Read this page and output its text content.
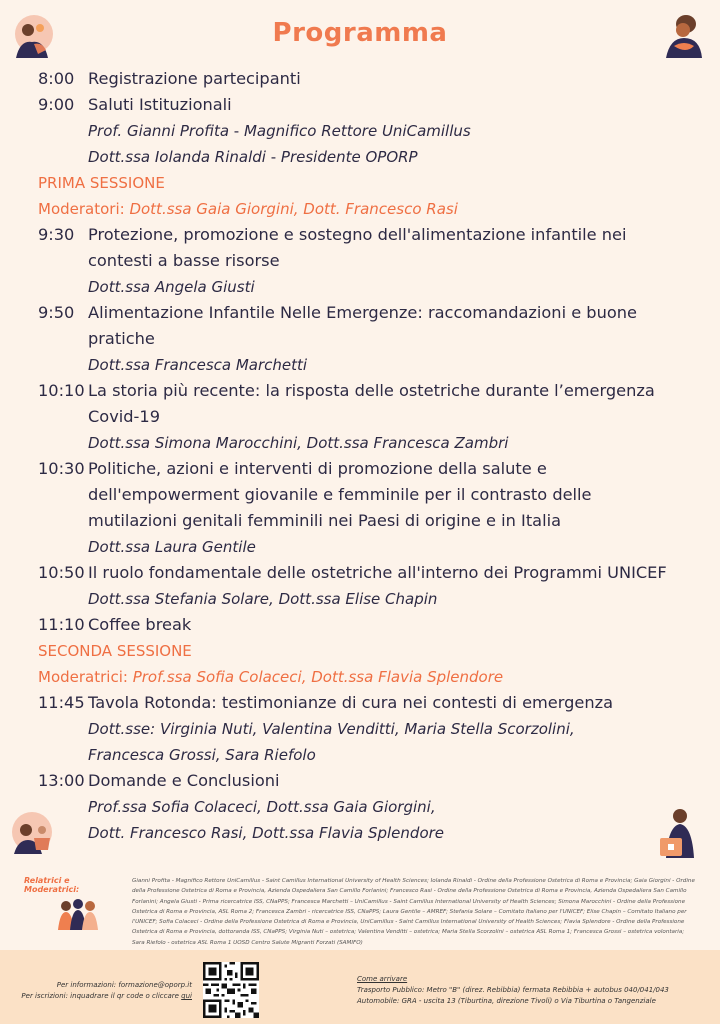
Programma
8:00 Registrazione partecipanti
9:00 Saluti Istituzionali
Prof. Gianni Profita - Magnifico Rettore UniCamillus
Dott.ssa Iolanda Rinaldi - Presidente OPORP
PRIMA SESSIONE
Moderatori: Dott.ssa Gaia Giorgini, Dott. Francesco Rasi
9:30 Protezione, promozione e sostegno dell'alimentazione infantile nei contesti a basse risorse
Dott.ssa Angela Giusti
9:50 Alimentazione Infantile Nelle Emergenze: raccomandazioni e buone pratiche
Dott.ssa Francesca Marchetti
10:10 La storia più recente: la risposta delle ostetriche durante l’emergenza Covid-19
Dott.ssa Simona Marocchini, Dott.ssa Francesca Zambri
10:30 Politiche, azioni e interventi di promozione della salute e dell'empowerment giovanile e femminile per il contrasto delle mutilazioni genitali femminili nei Paesi di origine e in Italia
Dott.ssa Laura Gentile
10:50 Il ruolo fondamentale delle ostetriche all'interno dei Programmi UNICEF
Dott.ssa Stefania Solare, Dott.ssa Elise Chapin
11:10 Coffee break
SECONDA SESSIONE
Moderatrici: Prof.ssa Sofia Colaceci, Dott.ssa Flavia Splendore
11:45 Tavola Rotonda: testimonianze di cura nei contesti di emergenza
Dott.sse: Virginia Nuti, Valentina Venditti, Maria Stella Scorzolini,
Francesca Grossi, Sara Riefolo
13:00 Domande e Conclusioni
Prof.ssa Sofia Colaceci, Dott.ssa Gaia Giorgini,
Dott. Francesco Rasi, Dott.ssa Flavia Splendore
Relatrici e Moderatrici:
Gianni Profita - Magnifico Rettore UniCamillus - Saint Camillus International University of Health Sciences; Iolanda Rinaldi - Ordine della Professione Ostetrica di Roma e Provincia; Gaia Giorgini - Ordine della Professione Ostetrica di Roma e Provincia, Azienda Ospedaliera San Camillo Forlanini; Francesco Rasi - Ordine della Professione Ostetrica di Roma e Provincia, Azienda Ospedaliera San Camillo Forlanini; Angela Giusti - Prima ricercatrice ISS, CNaPPS; Francesca Marchetti – UniCamillus - Saint Camillus International University of Health Sciences; Simona Marocchini - Ordine della Professione Ostetrica di Roma e Provincia, ASL Roma 2; Francesca Zambri - ricercatrice ISS, CNaPPS; Laura Gentile – AMREF; Stefania Solare – Comitato Italiano per l'UNICEF; Elise Chapin – Comitato Italiano per l'UNICEF; Sofia Colaceci - Ordine della Professione Ostetrica di Roma e Provincia, UniCamillus - Saint Camillus International University of Health Sciences; Flavia Splendore - Ordine della Professione Ostetrica di Roma e Provincia, dottoranda ISS, CNaPPS; Virginia Nuti – ostetrica; Valentina Venditti – ostetrica; Maria Stella Scorzolini – ostetrica ASL Roma 1; Francesca Grossi – ostetrica volontaria; Sara Riefolo - ostetrica ASL Roma 1 UOSD Centro Salute Migranti Forzati (SAMIFO)
Per informazioni: formazione@oporp.it
Per iscrizioni: inquadrare il qr code o cliccare qui
Come arrivare
Trasporto Pubblico: Metro "B" (direz. Rebibbia) fermata Rebibbia + autobus 040/041/043
Automobile: GRA - uscita 13 (Tiburtina, direzione Tivoli) o Via Tiburtina o Tangenziale
